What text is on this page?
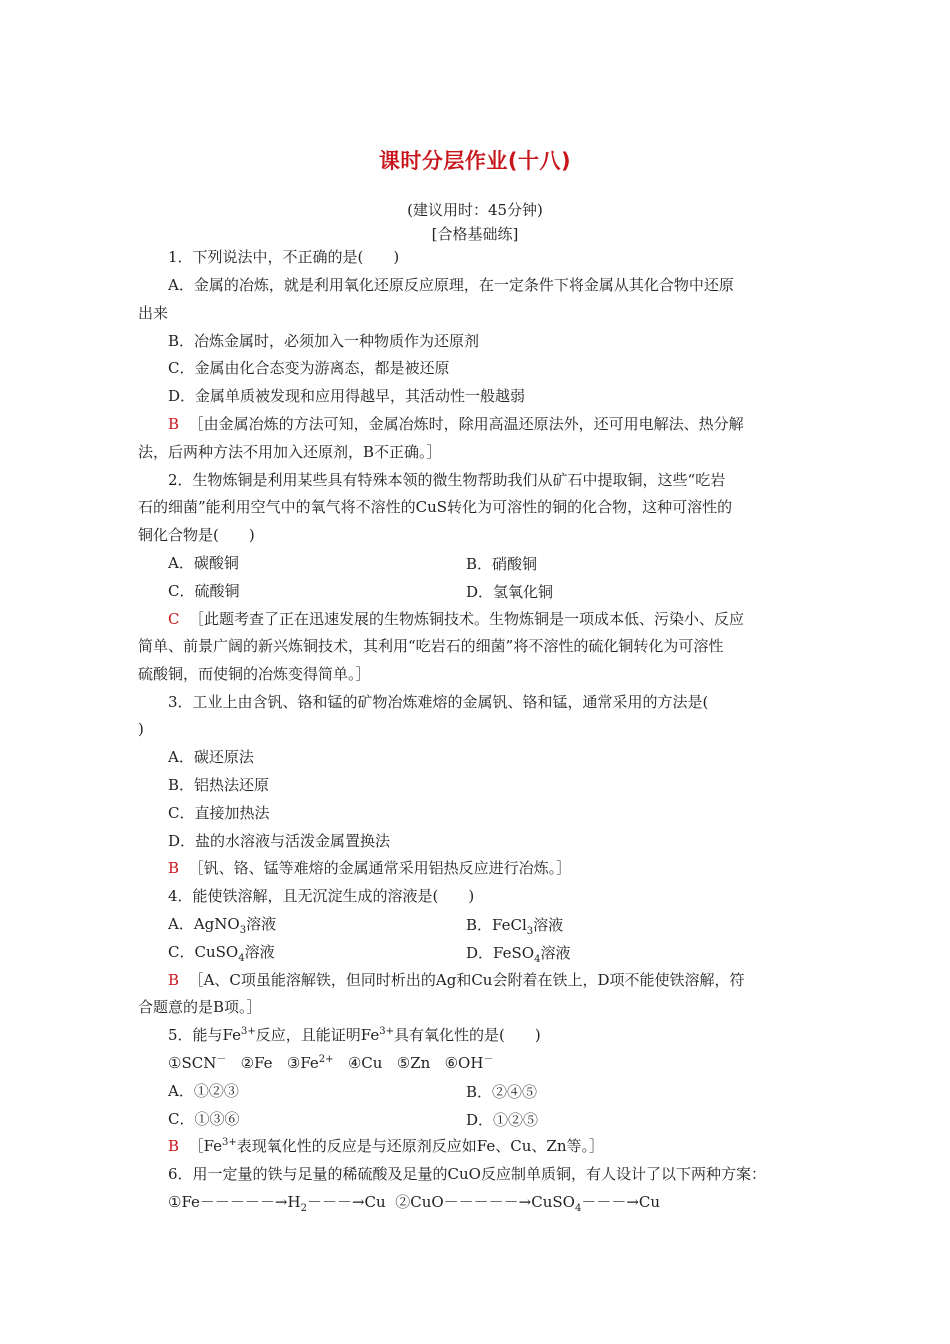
课时分层作业(十八)
(建议用时：45分钟)
[合格基础练]
1．下列说法中，不正确的是(　　)
A．金属的冶炼，就是利用氧化还原反应原理，在一定条件下将金属从其化合物中还原
出来
B．冶炼金属时，必须加入一种物质作为还原剂
C．金属由化合态变为游离态，都是被还原
D．金属单质被发现和应用得越早，其活动性一般越弱
B ［由金属冶炼的方法可知，金属冶炼时，除用高温还原法外，还可用电解法、热分解
法，后两种方法不用加入还原剂，B不正确。］
2．生物炼铜是利用某些具有特殊本领的微生物帮助我们从矿石中提取铜，这些“吃岩
石的细菌”能利用空气中的氧气将不溶性的CuS转化为可溶性的铜的化合物，这种可溶性的
铜化合物是(　　)
A．碳酸铜	B．硝酸铜
C．硫酸铜	D．氢氧化铜
C ［此题考查了正在迅速发展的生物炼铜技术。生物炼铜是一项成本低、污染小、反应
简单、前景广阔的新兴炼铜技术，其利用“吃岩石的细菌”将不溶性的硫化铜转化为可溶性
硫酸铜，而使铜的冶炼变得简单。］
3．工业上由含钒、铬和锰的矿物冶炼难熔的金属钒、铬和锰，通常采用的方法是(
)
A．碳还原法
B．铝热法还原
C．直接加热法
D．盐的水溶液与活泼金属置换法
B ［钒、铬、锰等难熔的金属通常采用铝热反应进行冶炼。］
4．能使铁溶解，且无沉淀生成的溶液是(　　)
A．AgNO$_3$溶液	B．FeCl$_3$溶液
C．CuSO$_4$溶液	D．FeSO$_4$溶液
B ［A、C项虽能溶解铁，但同时析出的Ag和Cu会附着在铁上，D项不能使铁溶解，符
合题意的是B项。］
5．能与$Fe^{3+}$反应，且能证明$Fe^{3+}$具有氧化性的是(　　)
①SCN－ ②Fe $③Fe^{2+}$ ④Cu ⑤Zn ⑥OH－
A．①②③	B．②④⑤
C．①③⑥	D．①②⑤
B $[Fe^{3+}$表现氧化性的反应是与还原剂反应如Fe、Cu、Zn等。］
6．用一定量的铁与足量的稀硫酸及足量的CuO反应制单质铜，有人设计了以下两种方案：
$①Fe-----\to H_2---\to Cu$ ②CuO－－－－－→CuSO$_4$－－－→Cu
